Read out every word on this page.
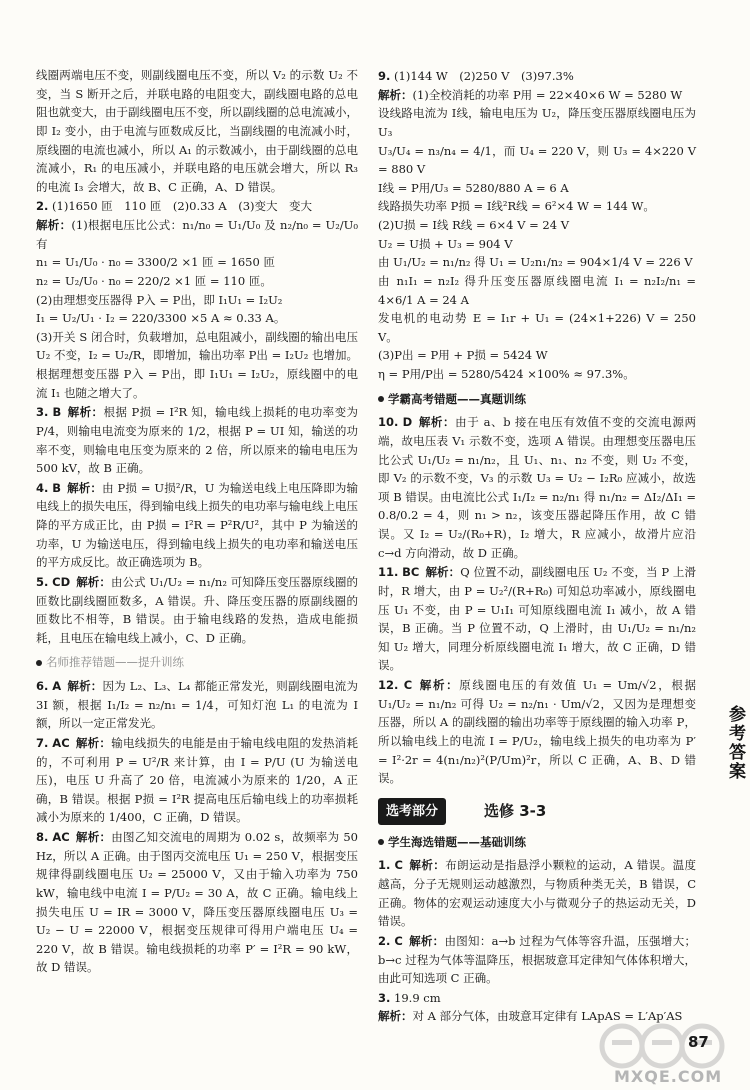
线圈两端电压不变，则副线圈电压不变，所以 V₂ 的示数 U₂ 不变，当 S 断开之后，并联电路的电阻变大，副线圈电路的总电阻也就变大，由于副线圈电压不变，所以副线圈的总电流减小，即 I₂ 变小，由于电流与匝数成反比，当副线圈的电流减小时，原线圈的电流也减小，所以 A₁ 的示数减小，由于副线圈的总电流减小，R₁ 的电压减小，并联电路的电压就会增大，所以 R₃ 的电流 I₃ 会增大，故 B、C 正确，A、D 错误。
2. (1)1650 匝　110 匝　(2)0.33 A　(3)变大　变大
解析：(1)根据电压比公式：n₁/n₀ = U₁/U₀ 及 n₂/n₀ = U₂/U₀ 有
n₁ = U₁/U₀ · n₀ = 3300/2 ×1 匝 = 1650 匝
n₂ = U₂/U₀ · n₀ = 220/2 ×1 匝 = 110 匝。
(2)由理想变压器得 P入 = P出，即 I₁U₁ = I₂U₂
I₁ = U₂/U₁ · I₂ = 220/3300 ×5 A ≈ 0.33 A。
(3)开关 S 闭合时，负载增加，总电阻减小，副线圈的输出电压 U₂ 不变，I₂ = U₂/R，即增加，输出功率 P出 = I₂U₂ 也增加。根据理想变压器 P入 = P出，即 I₁U₁ = I₂U₂，原线圈中的电流 I₁ 也随之增大了。
3. B 解析：根据 P损 = I²R 知，输电线上损耗的电功率变为 P/4，则输电电流变为原来的 1/2，根据 P = UI 知，输送的功率不变，则输电电压变为原来的 2 倍，所以原来的输电电压为 500 kV，故 B 正确。
4. B 解析：由 P损 = U损²/R，U 为输送电线上电压降即为输电线上的损失电压，得到输电线上损失的电功率与输电线上电压降的平方成正比，由 P损 = I²R = P²R/U²，其中 P 为输送的功率，U 为输送电压，得到输电线上损失的电功率和输送电压的平方成反比。故正确选项为 B。
5. CD 解析：由公式 U₁/U₂ = n₁/n₂ 可知降压变压器原线圈的匝数比副线圈匝数多，A 错误。升、降压变压器的原副线圈的匝数比不相等，B 错误。由于输电线路的发热，造成电能损耗，且电压在输电线上减小，C、D 正确。
名师推荐错题——提升训练
6. A 解析：因为 L₂、L₃、L₄ 都能正常发光，则副线圈电流为 3I 额，根据 I₁/I₂ = n₂/n₁ = 1/4，可知灯泡 L₁ 的电流为 I 额，所以一定正常发光。
7. AC 解析：输电线损失的电能是由于输电线电阻的发热消耗的，不可利用 P = U²/R 来计算，由 I = P/U (U 为输送电压)，电压 U 升高了 20 倍，电流减小为原来的 1/20，A 正确，B 错误。根据 P损 = I²R 提高电压后输电线上的功率损耗减小为原来的 1/400，C 正确，D 错误。
8. AC 解析：由图乙知交流电的周期为 0.02 s，故频率为 50 Hz，所以 A 正确。由于图丙交流电压 U₁ = 250 V，根据变压规律得副线圈电压 U₂ = 25000 V，又由于输入功率为 750 kW，输电线中电流 I = P/U₂ = 30 A，故 C 正确。输电线上损失电压 U = IR = 3000 V，降压变压器原线圈电压 U₃ = U₂ − U = 22000 V，根据变压规律可得用户端电压 U₄ = 220 V，故 B 错误。输电线损耗的功率 P′ = I²R = 90 kW，故 D 错误。
9. (1)144 W　(2)250 V　(3)97.3%
解析：(1)全校消耗的功率 P用 = 22×40×6 W = 5280 W
设线路电流为 I线，输电电压为 U₂，降压变压器原线圈电压为 U₃
U₃/U₄ = n₃/n₄ = 4/1，而 U₄ = 220 V，则 U₃ = 4×220 V = 880 V
I线 = P用/U₃ = 5280/880 A = 6 A
线路损失功率 P损 = I线²R线 = 6²×4 W = 144 W。
(2)U损 = I线 R线 = 6×4 V = 24 V
U₂ = U损 + U₃ = 904 V
由 U₁/U₂ = n₁/n₂ 得 U₁ = U₂n₁/n₂ = 904×1/4 V = 226 V
由 n₁I₁ = n₂I₂ 得升压变压器原线圈电流 I₁ = n₂I₂/n₁ = 4×6/1 A = 24 A
发电机的电动势 E = I₁r + U₁ = (24×1+226) V = 250 V。
(3)P出 = P用 + P损 = 5424 W
η = P用/P出 = 5280/5424 ×100% ≈ 97.3%。
学霸高考错题——真题训练
10. D 解析：由于 a、b 接在电压有效值不变的交流电源两端，故电压表 V₁ 示数不变，选项 A 错误。由理想变压器电压比公式 U₁/U₂ = n₁/n₂，且 U₁、n₁、n₂ 不变，则 U₂ 不变，即 V₂ 的示数不变，V₃ 的示数 U₃ = U₂ − I₂R₀ 应减小，故选项 B 错误。由电流比公式 I₁/I₂ = n₂/n₁ 得 n₁/n₂ = ΔI₂/ΔI₁ = 0.8/0.2 = 4，则 n₁ > n₂，该变压器起降压作用，故 C 错误。又 I₂ = U₂/(R₀+R)，I₂ 增大，R 应减小，故滑片应沿 c→d 方向滑动，故 D 正确。
11. BC 解析：Q 位置不动，副线圈电压 U₂ 不变，当 P 上滑时，R 增大，由 P = U₂²/(R+R₀) 可知总功率减小，原线圈电压 U₁ 不变，由 P = U₁I₁ 可知原线圈电流 I₁ 减小，故 A 错误，B 正确。当 P 位置不动，Q 上滑时，由 U₁/U₂ = n₁/n₂ 知 U₂ 增大，同理分析原线圈电流 I₁ 增大，故 C 正确，D 错误。
12. C 解析：原线圈电压的有效值 U₁ = Um/√2，根据 U₁/U₂ = n₁/n₂ 可得 U₂ = n₂/n₁ · Um/√2，又因为是理想变压器，所以 A 的副线圈的输出功率等于原线圈的输入功率 P，所以输电线上的电流 I = P/U₂，输电线上损失的电功率为 P′ = I²·2r = 4(n₁/n₂)²(P/Um)²r，所以 C 正确，A、B、D 错误。
选考部分	选修 3-3
学生海选错题——基础训练
1. C 解析：布朗运动是指悬浮小颗粒的运动，A 错误。温度越高，分子无规则运动越激烈，与物质种类无关，B 错误，C 正确。物体的宏观运动速度大小与微观分子的热运动无关，D 错误。
2. C 解析：由图知：a→b 过程为气体等容升温，压强增大；b→c 过程为气体等温降压，根据玻意耳定律知气体体积增大，由此可知选项 C 正确。
3. 19.9 cm
解析：对 A 部分气体，由玻意耳定律有 LApAS = L′Ap′AS
参考答案
87
MXQE.COM
